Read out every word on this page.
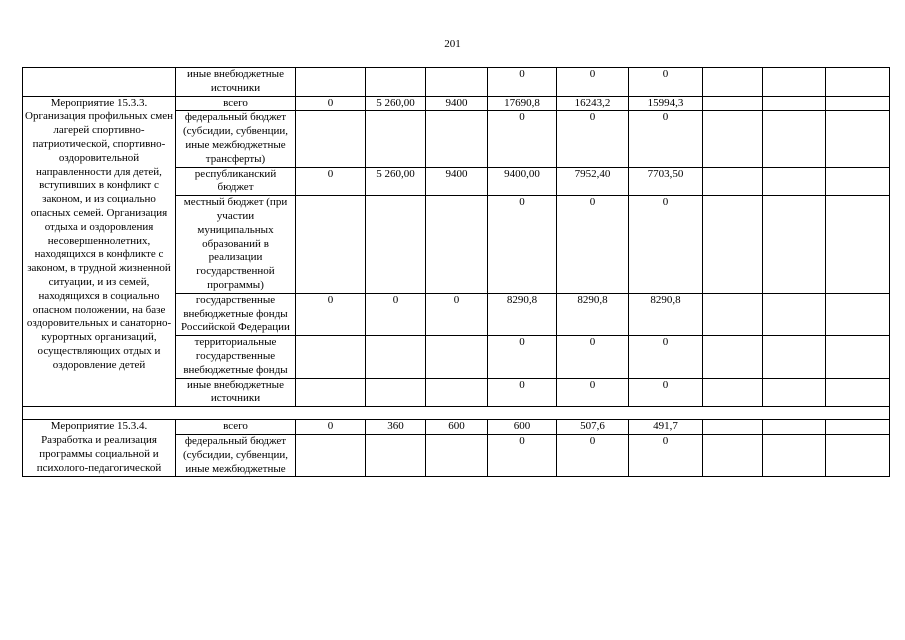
201
	иные внебюджетные источники				0	0	0			
Мероприятие 15.3.3. Организация профильных смен лагерей спортивно-патриотической, спортивно-оздоровительной направленности для детей, вступивших в конфликт с законом, и из социально опасных семей. Организация отдыха и оздоровления несовершеннолетних, находящихся в конфликте с законом, в трудной жизненной ситуации, и из семей, находящихся в социально опасном положении, на базе оздоровительных и санаторно-курортных организаций, осуществляющих отдых и оздоровление детей	всего	0	5 260,00	9400	17690,8	16243,2	15994,3			
	федеральный бюджет (субсидии, субвенции, иные межбюджетные трансферты)				0	0	0			
	республиканский бюджет	0	5 260,00	9400	9400,00	7952,40	7703,50			
	местный бюджет (при участии муниципальных образований в реализации государственной программы)				0	0	0			
	государственные внебюджетные фонды Российской Федерации	0	0	0	8290,8	8290,8	8290,8			
	территориальные государственные внебюджетные фонды				0	0	0			
	иные внебюджетные источники				0	0	0			

Мероприятие 15.3.4. Разработка и реализация программы социальной и психолого-педагогической	всего	0	360	600	600	507,6	491,7			
	федеральный бюджет (субсидии, субвенции, иные межбюджетные				0	0	0			
